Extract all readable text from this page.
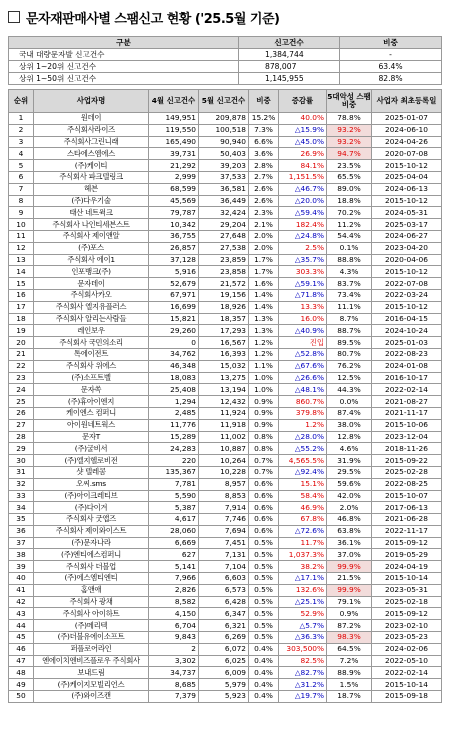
문자재판매사별 스팸신고 현황 ('25.5월 기준)
구분	신고건수	비중
국내 대량문자발 신고건수	1,384,744	-
상위 1~20위 신고건수	878,007	63.4%
상위 1~50위 신고건수	1,145,955	82.8%
순위	사업자명	4월 신고건수	5월 신고건수	비중	증감률	5대악성 스팸비중	사업자 최초등록일
1	원데이	149,951	209,878	15.2%	40.0%	78.8%	2025-01-07
2	주식회사라이즈	119,550	100,518	7.3%	△15.9%	93.2%	2024-06-10
3	주식회사그린니래	165,490	90,940	6.6%	△45.0%	93.2%	2024-04-26
4	스타에스엠에스	39,731	50,403	3.6%	26.9%	94.7%	2020-07-08
5	(주)케이티	21,292	39,203	2.8%	84.1%	23.5%	2015-10-12
6	주식회사 파크텔링크	2,999	37,533	2.7%	1,151.5%	65.5%	2025-04-04
7	헤븐	68,599	36,581	2.6%	△46.7%	89.0%	2024-06-13
8	(주)다우기술	45,569	36,449	2.6%	△20.0%	18.8%	2015-10-12
9	태산 네트윅크	79,787	32,424	2.3%	△59.4%	70.2%	2024-05-31
10	주식회사 나인티세븐스트	10,342	29,204	2.1%	182.4%	11.2%	2025-03-17
11	주식회사 제이앤알	36,755	27,648	2.0%	△24.8%	54.4%	2024-06-27
12	(주)포스	26,857	27,538	2.0%	2.5%	0.1%	2023-04-20
13	주식회사 에이1	37,128	23,859	1.7%	△35.7%	88.8%	2020-04-06
14	인포뱅크(주)	5,916	23,858	1.7%	303.3%	4.3%	2015-10-12
15	문자데이	52,679	21,572	1.6%	△59.1%	83.7%	2022-07-08
16	주식회사카오	67,971	19,156	1.4%	△71.8%	73.4%	2022-03-24
17	주식회사 엘지유플러스	16,699	18,926	1.4%	13.3%	11.1%	2015-10-12
18	주식회사 알리는사람들	15,821	18,357	1.3%	16.0%	8.7%	2016-04-15
19	레인보우	29,260	17,293	1.3%	△40.9%	88.7%	2024-10-24
20	주식회사 국민의소리	0	16,567	1.2%	진입	89.5%	2025-01-03
21	톡에이전트	34,762	16,393	1.2%	△52.8%	80.7%	2022-08-23
22	주식회사 위에스	46,348	15,032	1.1%	△67.6%	76.2%	2024-01-08
23	(주)소프트벨	18,083	13,275	1.0%	△26.6%	12.5%	2016-10-17
24	문자쏙	25,408	13,194	1.0%	△48.1%	44.3%	2022-02-14
25	(주)휴아이엔지	1,294	12,432	0.9%	860.7%	0.0%	2021-08-27
26	케이엔스 컴퍼니	2,485	11,924	0.9%	379.8%	87.4%	2021-11-17
27	아이원네트웍스	11,776	11,918	0.9%	1.2%	38.0%	2015-10-06
28	문자T	15,289	11,002	0.8%	△28.0%	12.8%	2023-12-04
29	(주)굴비서	24,283	10,887	0.8%	△55.2%	4.6%	2018-11-26
30	(주)엘지헬로비전	220	10,264	0.7%	4,565.5%	31.9%	2015-09-22
31	샷 텔레콤	135,367	10,228	0.7%	△92.4%	29.5%	2025-02-28
32	오씨.sms	7,781	8,957	0.6%	15.1%	59.6%	2022-08-25
33	(주)아이크레티브	5,590	8,853	0.6%	58.4%	42.0%	2015-10-07
34	(주)다이겨	5,387	7,914	0.6%	46.9%	2.0%	2017-06-13
35	주식회사 굿앱즈	4,617	7,746	0.6%	67.8%	46.8%	2021-06-28
36	주식회사 제이와이스트	28,060	7,694	0.6%	△72.6%	63.8%	2022-11-17
37	(주)문자나라	6,669	7,451	0.5%	11.7%	36.1%	2015-09-12
38	(주)엔티에스컴퍼니	627	7,131	0.5%	1,037.3%	37.0%	2019-05-29
39	주식회사 더블업	5,141	7,104	0.5%	38.2%	99.9%	2024-04-19
40	(주)에스엠티엔티	7,966	6,603	0.5%	△17.1%	21.5%	2015-10-14
41	홈앤애	2,826	6,573	0.5%	132.6%	99.9%	2023-05-31
42	주식회사 광채	8,582	6,428	0.5%	△25.1%	79.1%	2025-02-18
43	주식회사 아이하트	4,150	6,347	0.5%	52.9%	0.9%	2015-09-12
44	(주)메리텍	6,704	6,321	0.5%	△5.7%	87.2%	2023-02-10
45	(주)더블유에이소프트	9,843	6,269	0.5%	△36.3%	98.3%	2023-05-23
46	퍼플로어라인	2	6,072	0.4%	303,500%	64.5%	2024-02-06
47	엔에이치엔비즈플로우 주식회사	3,302	6,025	0.4%	82.5%	7.2%	2022-05-10
48	보내드림	34,737	6,009	0.4%	△82.7%	88.9%	2022-02-14
49	(주)케이지모빌리언스	8,685	5,979	0.4%	△31.2%	1.5%	2015-10-14
50	(주)와이즈캔	7,379	5,923	0.4%	△19.7%	18.7%	2015-09-18
